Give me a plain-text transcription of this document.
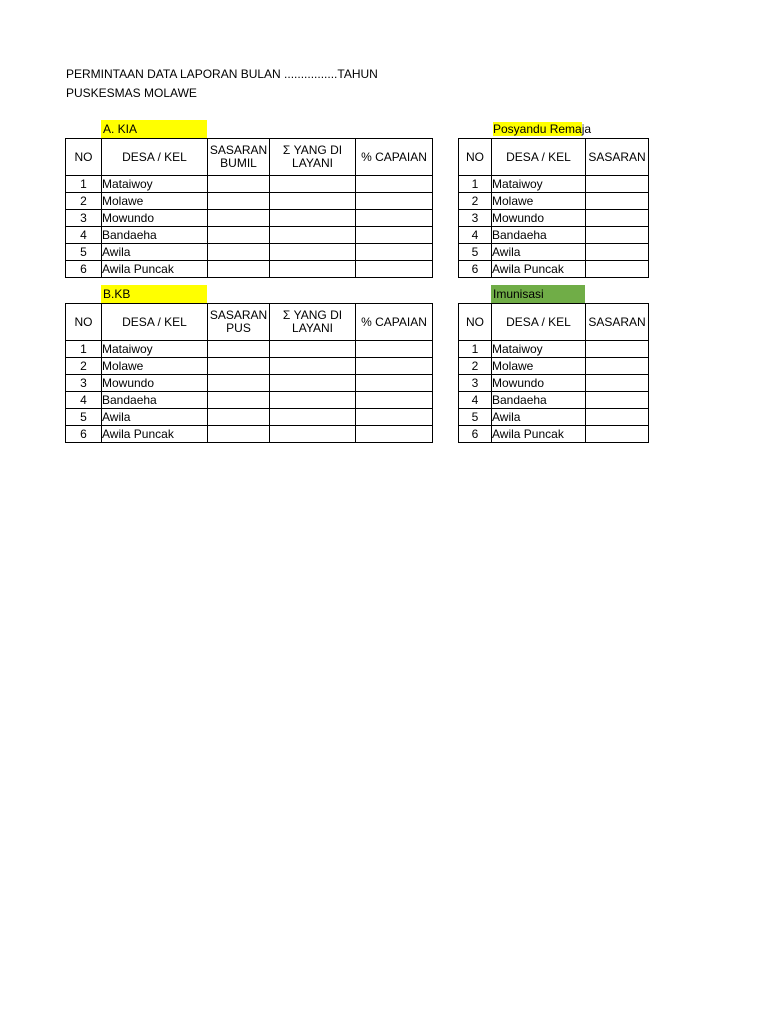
PERMINTAAN DATA LAPORAN BULAN ................TAHUN
PUSKESMAS MOLAWE
A. KIA	Posyandu Remaja
B.KB	Imunisasi
NO	DESA / KEL	SASARAN BUMIL	Σ YANG DI LAYANI	% CAPAIAN
1	Mataiwoy			
2	Molawe			
3	Mowundo			
4	Bandaeha			
5	Awila			
6	Awila Puncak			
NO	DESA / KEL	SASARAN
1	Mataiwoy	
2	Molawe	
3	Mowundo	
4	Bandaeha	
5	Awila	
6	Awila Puncak	
NO	DESA / KEL	SASARAN PUS	Σ YANG DI LAYANI	% CAPAIAN
1	Mataiwoy			
2	Molawe			
3	Mowundo			
4	Bandaeha			
5	Awila			
6	Awila Puncak			
NO	DESA / KEL	SASARAN
1	Mataiwoy	
2	Molawe	
3	Mowundo	
4	Bandaeha	
5	Awila	
6	Awila Puncak	
